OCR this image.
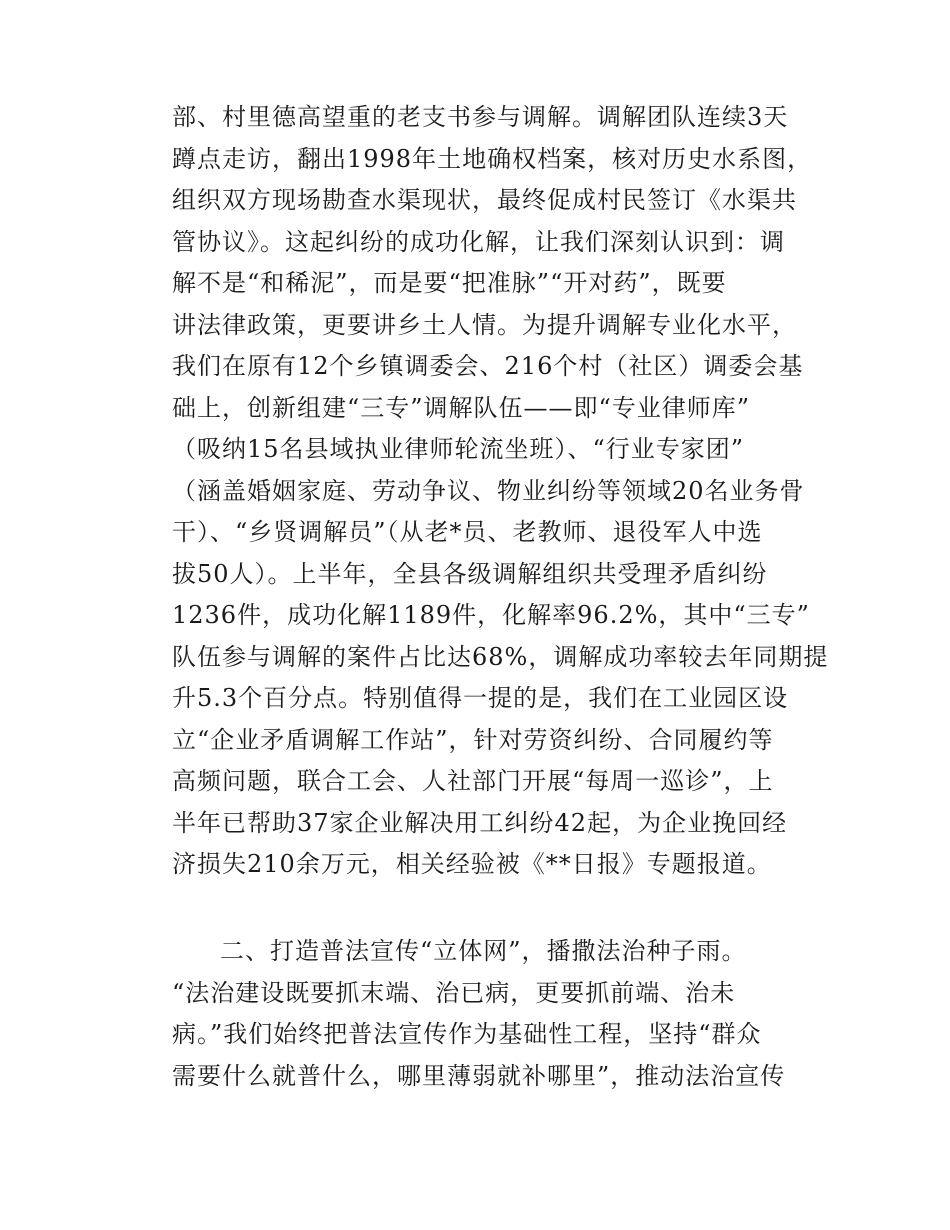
部、村里德高望重的老支书参与调解。调解团队连续3天
蹲点走访，翻出1998年土地确权档案，核对历史水系图，
组织双方现场勘查水渠现状，最终促成村民签订《水渠共
管协议》。这起纠纷的成功化解，让我们深刻认识到：调
解不是“和稀泥”，而是要“把准脉”“开对药”，既要
讲法律政策，更要讲乡土人情。为提升调解专业化水平，
我们在原有12个乡镇调委会、216个村（社区）调委会基
础上，创新组建“三专”调解队伍——即“专业律师库”
（吸纳15名县域执业律师轮流坐班）、“行业专家团”
（涵盖婚姻家庭、劳动争议、物业纠纷等领域20名业务骨
干）、“乡贤调解员”（从老*员、老教师、退役军人中选
拔50人）。上半年，全县各级调解组织共受理矛盾纠纷
1236件，成功化解1189件，化解率96.2%，其中“三专”
队伍参与调解的案件占比达68%，调解成功率较去年同期提
升5.3个百分点。特别值得一提的是，我们在工业园区设
立“企业矛盾调解工作站”，针对劳资纠纷、合同履约等
高频问题，联合工会、人社部门开展“每周一巡诊”，上
半年已帮助37家企业解决用工纠纷42起，为企业挽回经
济损失210余万元，相关经验被《**日报》专题报道。
二、打造普法宣传“立体网”，播撒法治种子雨。
“法治建设既要抓末端、治已病，更要抓前端、治未
病。”我们始终把普法宣传作为基础性工程，坚持“群众
需要什么就普什么，哪里薄弱就补哪里”，推动法治宣传
